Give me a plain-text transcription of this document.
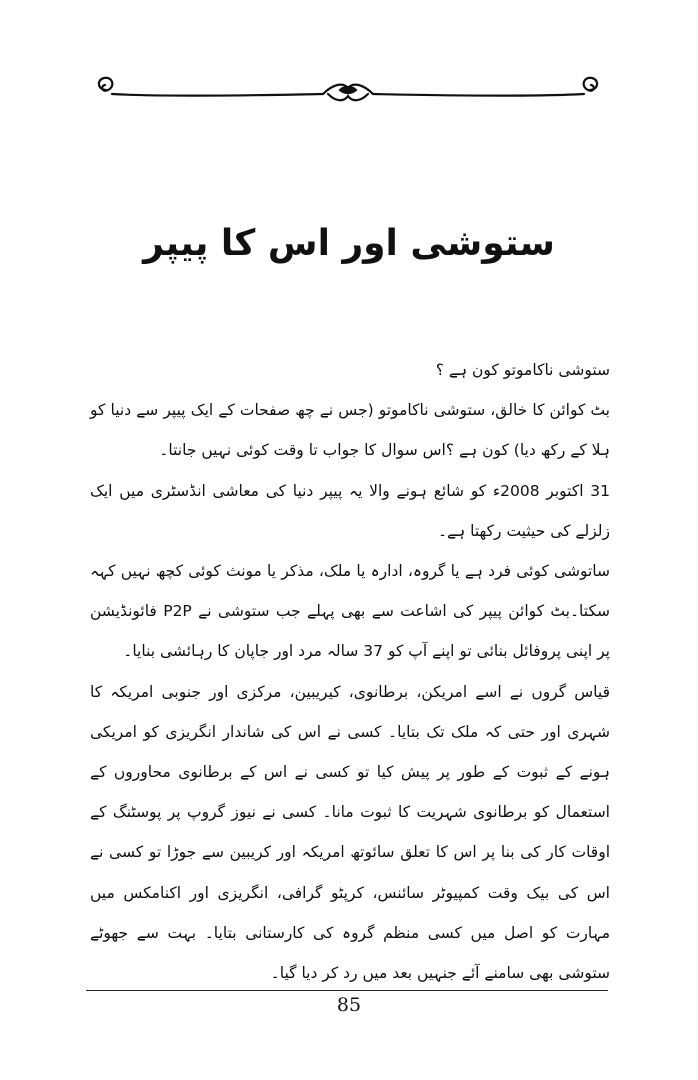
ستوشی اور اس کا پیپر

ستوشی ناکاموتو کون ہے ؟

بٹ کوائن کا خالق، ستوشی ناکاموتو (جس نے چھ صفحات کے ایک پیپر سے دنیا کو ہلا کے رکھ دیا) کون ہے ؟اس سوال کا جواب تا وقت کوئی نہیں جانتا۔

31 اکتوبر 2008ء کو شائع ہونے والا یہ پیپر دنیا کی معاشی انڈسٹری میں ایک زلزلے کی حیثیت رکھتا ہے۔

ساتوشی کوئی فرد ہے یا گروہ، ادارہ یا ملک، مذکر یا مونث کوئی کچھ نہیں کہہ سکتا۔بٹ کوائن پیپر کی اشاعت سے بھی پہلے جب ستوشی نے P2P فائونڈیشن پر اپنی پروفائل بنائی تو اپنے آپ کو 37 سالہ مرد اور جاپان کا رہائشی بنایا۔

قیاس گروں نے اسے امریکن، برطانوی، کیریبین، مرکزی اور جنوبی امریکہ کا شہری اور حتی کہ ملک تک بتایا۔ کسی نے اس کی شاندار انگریزی کو امریکی ہونے کے ثبوت کے طور پر پیش کیا تو کسی نے اس کے برطانوی محاوروں کے استعمال کو برطانوی شہریت کا ثبوت مانا۔ کسی نے نیوز گروپ پر پوسٹنگ کے اوقات کار کی بنا پر اس کا تعلق سائوتھ امریکہ اور کریبین سے جوڑا تو کسی نے اس کی بیک وقت کمپیوٹر سائنس، کرپٹو گرافی، انگریزی اور اکنامکس میں مہارت کو اصل میں کسی منظم گروہ کی کارستانی بتایا۔ بہت سے جھوٹے ستوشی بھی سامنے آئے جنہیں بعد میں رد کر دیا گیا۔

85
